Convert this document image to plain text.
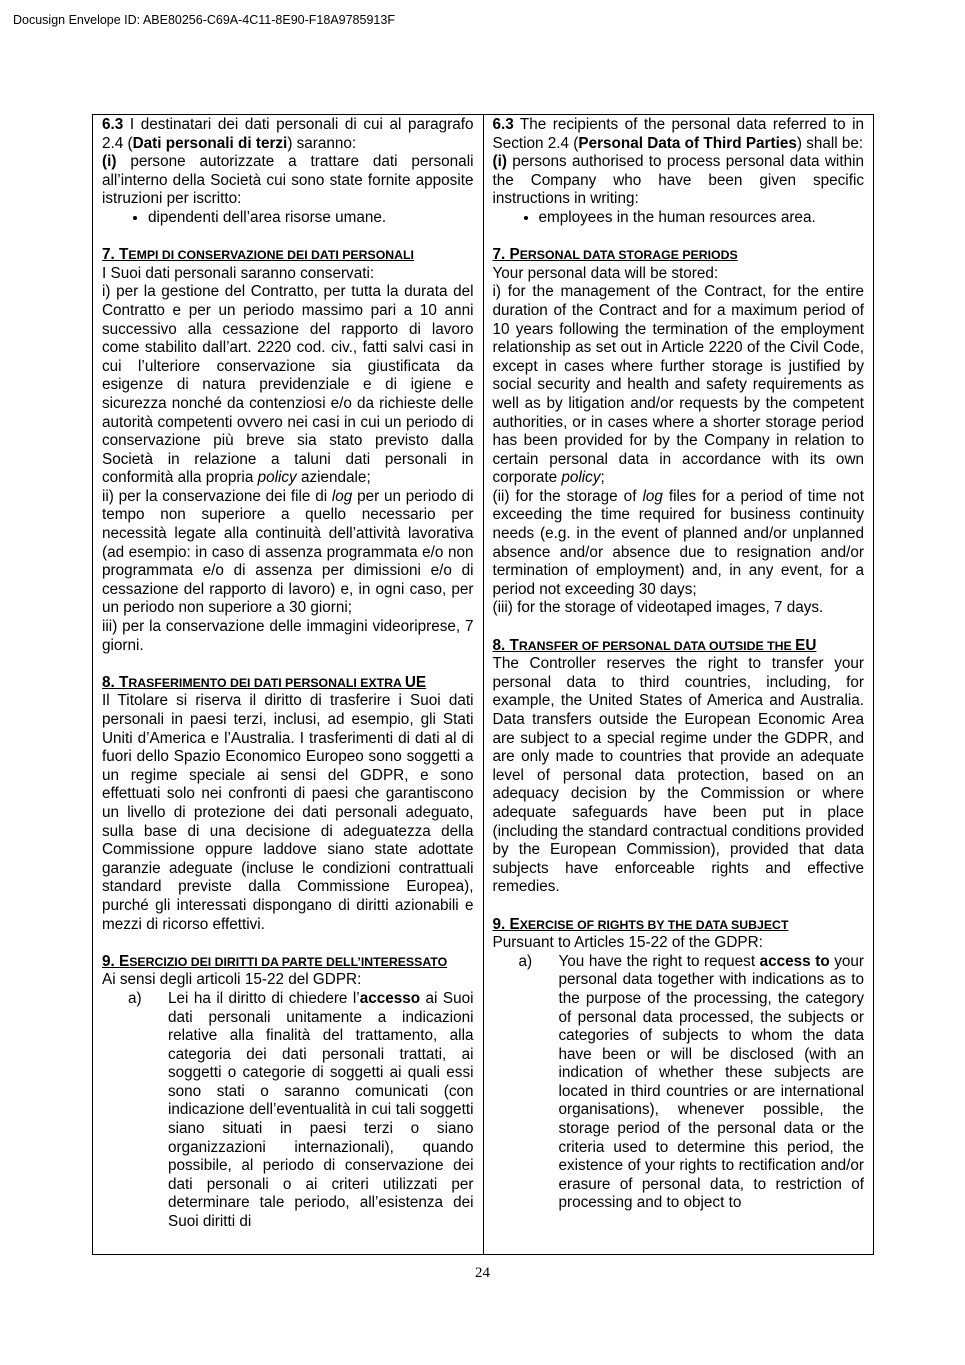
Docusign Envelope ID: ABE80256-C69A-4C11-8E90-F18A9785913F

6.3 I destinatari dei dati personali di cui al paragrafo 2.4 (Dati personali di terzi) saranno:

(i) persone autorizzate a trattare dati personali all’interno della Società cui sono state fornite apposite istruzioni per iscritto:

• dipendenti dell’area risorse umane.

7. TEMPI DI CONSERVAZIONE DEI DATI PERSONALI

I Suoi dati personali saranno conservati:

i) per la gestione del Contratto, per tutta la durata del Contratto e per un periodo massimo pari a 10 anni successivo alla cessazione del rapporto di lavoro come stabilito dall’art. 2220 cod. civ., fatti salvi casi in cui l’ulteriore conservazione sia giustificata da esigenze di natura previdenziale e di igiene e sicurezza nonché da contenziosi e/o da richieste delle autorità competenti ovvero nei casi in cui un periodo di conservazione più breve sia stato previsto dalla Società in relazione a taluni dati personali in conformità alla propria policy aziendale;

ii) per la conservazione dei file di log per un periodo di tempo non superiore a quello necessario per necessità legate alla continuità dell’attività lavorativa (ad esempio: in caso di assenza programmata e/o non programmata e/o di assenza per dimissioni e/o di cessazione del rapporto di lavoro) e, in ogni caso, per un periodo non superiore a 30 giorni;

iii) per la conservazione delle immagini videoriprese, 7 giorni.

8. TRASFERIMENTO DEI DATI PERSONALI EXTRA UE

Il Titolare si riserva il diritto di trasferire i Suoi dati personali in paesi terzi, inclusi, ad esempio, gli Stati Uniti d’America e l’Australia. I trasferimenti di dati al di fuori dello Spazio Economico Europeo sono soggetti a un regime speciale ai sensi del GDPR, e sono effettuati solo nei confronti di paesi che garantiscono un livello di protezione dei dati personali adeguato, sulla base di una decisione di adeguatezza della Commissione oppure laddove siano state adottate garanzie adeguate (incluse le condizioni contrattuali standard previste dalla Commissione Europea), purché gli interessati dispongano di diritti azionabili e mezzi di ricorso effettivi.

9. ESERCIZIO DEI DIRITTI DA PARTE DELL’INTERESSATO

Ai sensi degli articoli 15-22 del GDPR:

a) Lei ha il diritto di chiedere l’accesso ai Suoi dati personali unitamente a indicazioni relative alla finalità del trattamento, alla categoria dei dati personali trattati, ai soggetti o categorie di soggetti ai quali essi sono stati o saranno comunicati (con indicazione dell’eventualità in cui tali soggetti siano situati in paesi terzi o siano organizzazioni internazionali), quando possibile, al periodo di conservazione dei dati personali o ai criteri utilizzati per determinare tale periodo, all’esistenza dei Suoi diritti di

6.3 The recipients of the personal data referred to in Section 2.4 (Personal Data of Third Parties) shall be:

(i) persons authorised to process personal data within the Company who have been given specific instructions in writing:

• employees in the human resources area.

7. PERSONAL DATA STORAGE PERIODS

Your personal data will be stored:

i) for the management of the Contract, for the entire duration of the Contract and for a maximum period of 10 years following the termination of the employment relationship as set out in Article 2220 of the Civil Code, except in cases where further storage is justified by social security and health and safety requirements as well as by litigation and/or requests by the competent authorities, or in cases where a shorter storage period has been provided for by the Company in relation to certain personal data in accordance with its own corporate policy;

(ii) for the storage of log files for a period of time not exceeding the time required for business continuity needs (e.g. in the event of planned and/or unplanned absence and/or absence due to resignation and/or termination of employment) and, in any event, for a period not exceeding 30 days;

(iii) for the storage of videotaped images, 7 days.

8. TRANSFER OF PERSONAL DATA OUTSIDE THE EU

The Controller reserves the right to transfer your personal data to third countries, including, for example, the United States of America and Australia. Data transfers outside the European Economic Area are subject to a special regime under the GDPR, and are only made to countries that provide an adequate level of personal data protection, based on an adequacy decision by the Commission or where adequate safeguards have been put in place (including the standard contractual conditions provided by the European Commission), provided that data subjects have enforceable rights and effective remedies.

9. EXERCISE OF RIGHTS BY THE DATA SUBJECT

Pursuant to Articles 15-22 of the GDPR:

a) You have the right to request access to your personal data together with indications as to the purpose of the processing, the category of personal data processed, the subjects or categories of subjects to whom the data have been or will be disclosed (with an indication of whether these subjects are located in third countries or are international organisations), whenever possible, the storage period of the personal data or the criteria used to determine this period, the existence of your rights to rectification and/or erasure of personal data, to restriction of processing and to object to
24
